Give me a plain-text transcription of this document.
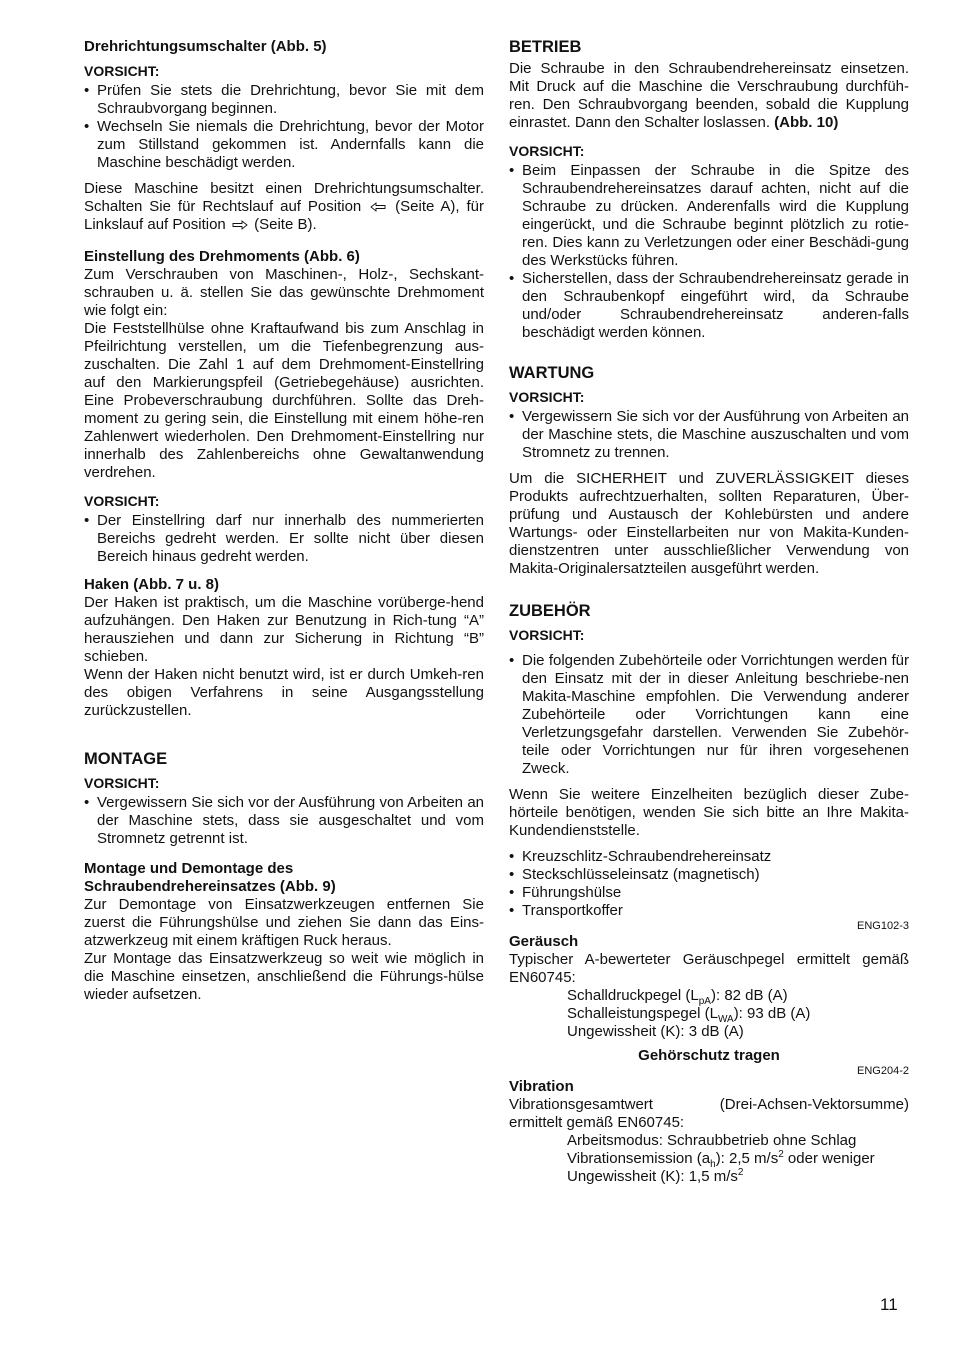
Drehrichtungsumschalter (Abb. 5)
VORSICHT:
• Prüfen Sie stets die Drehrichtung, bevor Sie mit dem Schraubvorgang beginnen.
• Wechseln Sie niemals die Drehrichtung, bevor der Motor zum Stillstand gekommen ist. Andernfalls kann die Maschine beschädigt werden.

Diese Maschine besitzt einen Drehrichtungsumschalter. Schalten Sie für Rechtslauf auf Position (Seite A), für Linkslauf auf Position (Seite B).

Einstellung des Drehmoments (Abb. 6)

Zum Verschrauben von Maschinen-, Holz-, Sechskant-schrauben u. ä. stellen Sie das gewünschte Drehmoment wie folgt ein:

Die Feststellhülse ohne Kraftaufwand bis zum Anschlag in Pfeilrichtung verstellen, um die Tiefenbegrenzung aus-zuschalten. Die Zahl 1 auf dem Drehmoment-Einstellring auf den Markierungspfeil (Getriebegehäuse) ausrichten. Eine Probeverschraubung durchführen. Sollte das Dreh-moment zu gering sein, die Einstellung mit einem höhe-ren Zahlenwert wiederholen. Den Drehmoment-Einstellring nur innerhalb des Zahlenbereichs ohne Gewaltanwendung verdrehen.

VORSICHT:
• Der Einstellring darf nur innerhalb des nummerierten Bereichs gedreht werden. Er sollte nicht über diesen Bereich hinaus gedreht werden.
Haken (Abb. 7 u. 8)

Der Haken ist praktisch, um die Maschine vorüberge-hend aufzuhängen. Den Haken zur Benutzung in Rich-tung “A” herausziehen und dann zur Sicherung in Richtung “B” schieben.

Wenn der Haken nicht benutzt wird, ist er durch Umkeh-ren des obigen Verfahrens in seine Ausgangsstellung zurückzustellen.

MONTAGE
VORSICHT:
• Vergewissern Sie sich vor der Ausführung von Arbeiten an der Maschine stets, dass sie ausgeschaltet und vom Stromnetz getrennt ist.
Montage und Demontage des
Schraubendrehereinsatzes (Abb. 9)

Zur Demontage von Einsatzwerkzeugen entfernen Sie zuerst die Führungshülse und ziehen Sie dann das Eins-atzwerkzeug mit einem kräftigen Ruck heraus.

Zur Montage das Einsatzwerkzeug so weit wie möglich in die Maschine einsetzen, anschließend die Führungs-hülse wieder aufsetzen.

BETRIEB

Die Schraube in den Schraubendrehereinsatz einsetzen. Mit Druck auf die Maschine die Verschraubung durchfüh-ren. Den Schraubvorgang beenden, sobald die Kupplung einrastet. Dann den Schalter loslassen. (Abb. 10)

VORSICHT:
• Beim Einpassen der Schraube in die Spitze des Schraubendrehereinsatzes darauf achten, nicht auf die Schraube zu drücken. Anderenfalls wird die Kupplung eingerückt, und die Schraube beginnt plötzlich zu rotie-ren. Dies kann zu Verletzungen oder einer Beschädi-gung des Werkstücks führen.
• Sicherstellen, dass der Schraubendrehereinsatz gerade in den Schraubenkopf eingeführt wird, da Schraube und/oder Schraubendrehereinsatz anderen-falls beschädigt werden können.
WARTUNG
VORSICHT:
• Vergewissern Sie sich vor der Ausführung von Arbeiten an der Maschine stets, die Maschine auszuschalten und vom Stromnetz zu trennen.

Um die SICHERHEIT und ZUVERLÄSSIGKEIT dieses Produkts aufrechtzuerhalten, sollten Reparaturen, Über-prüfung und Austausch der Kohlebürsten und andere Wartungs- oder Einstellarbeiten nur von Makita-Kunden-dienstzentren unter ausschließlicher Verwendung von Makita-Originalersatzteilen ausgeführt werden.

ZUBEHÖR
VORSICHT:
• Die folgenden Zubehörteile oder Vorrichtungen werden für den Einsatz mit der in dieser Anleitung beschriebe-nen Makita-Maschine empfohlen. Die Verwendung anderer Zubehörteile oder Vorrichtungen kann eine Verletzungsgefahr darstellen. Verwenden Sie Zubehör-teile oder Vorrichtungen nur für ihren vorgesehenen Zweck.

Wenn Sie weitere Einzelheiten bezüglich dieser Zube-hörteile benötigen, wenden Sie sich bitte an Ihre Makita-Kundendienststelle.

• Kreuzschlitz-Schraubendrehereinsatz
• Steckschlüsseleinsatz (magnetisch)
• Führungshülse
• Transportkoffer
ENG102-3
Geräusch

Typischer A-bewerteter Geräuschpegel ermittelt gemäß EN60745:

Schalldruckpegel $(L_{pA})$: 82 dB (A)
Schalleistungspegel $(L_{WA})$: 93 dB (A)
Ungewissheit (K): 3 dB (A)
Gehörschutz tragen
ENG204-2
Vibration
Vibrationsgesamtwert	(Drei-Achsen-Vektorsumme)
ermittelt gemäß EN60745:
Arbeitsmodus: Schraubbetrieb ohne Schlag
Vibrationsemission $(a_h)$: 2,5 $m/s^2$ oder weniger
Ungewissheit (K): 1,5 $m/s^2$
11
